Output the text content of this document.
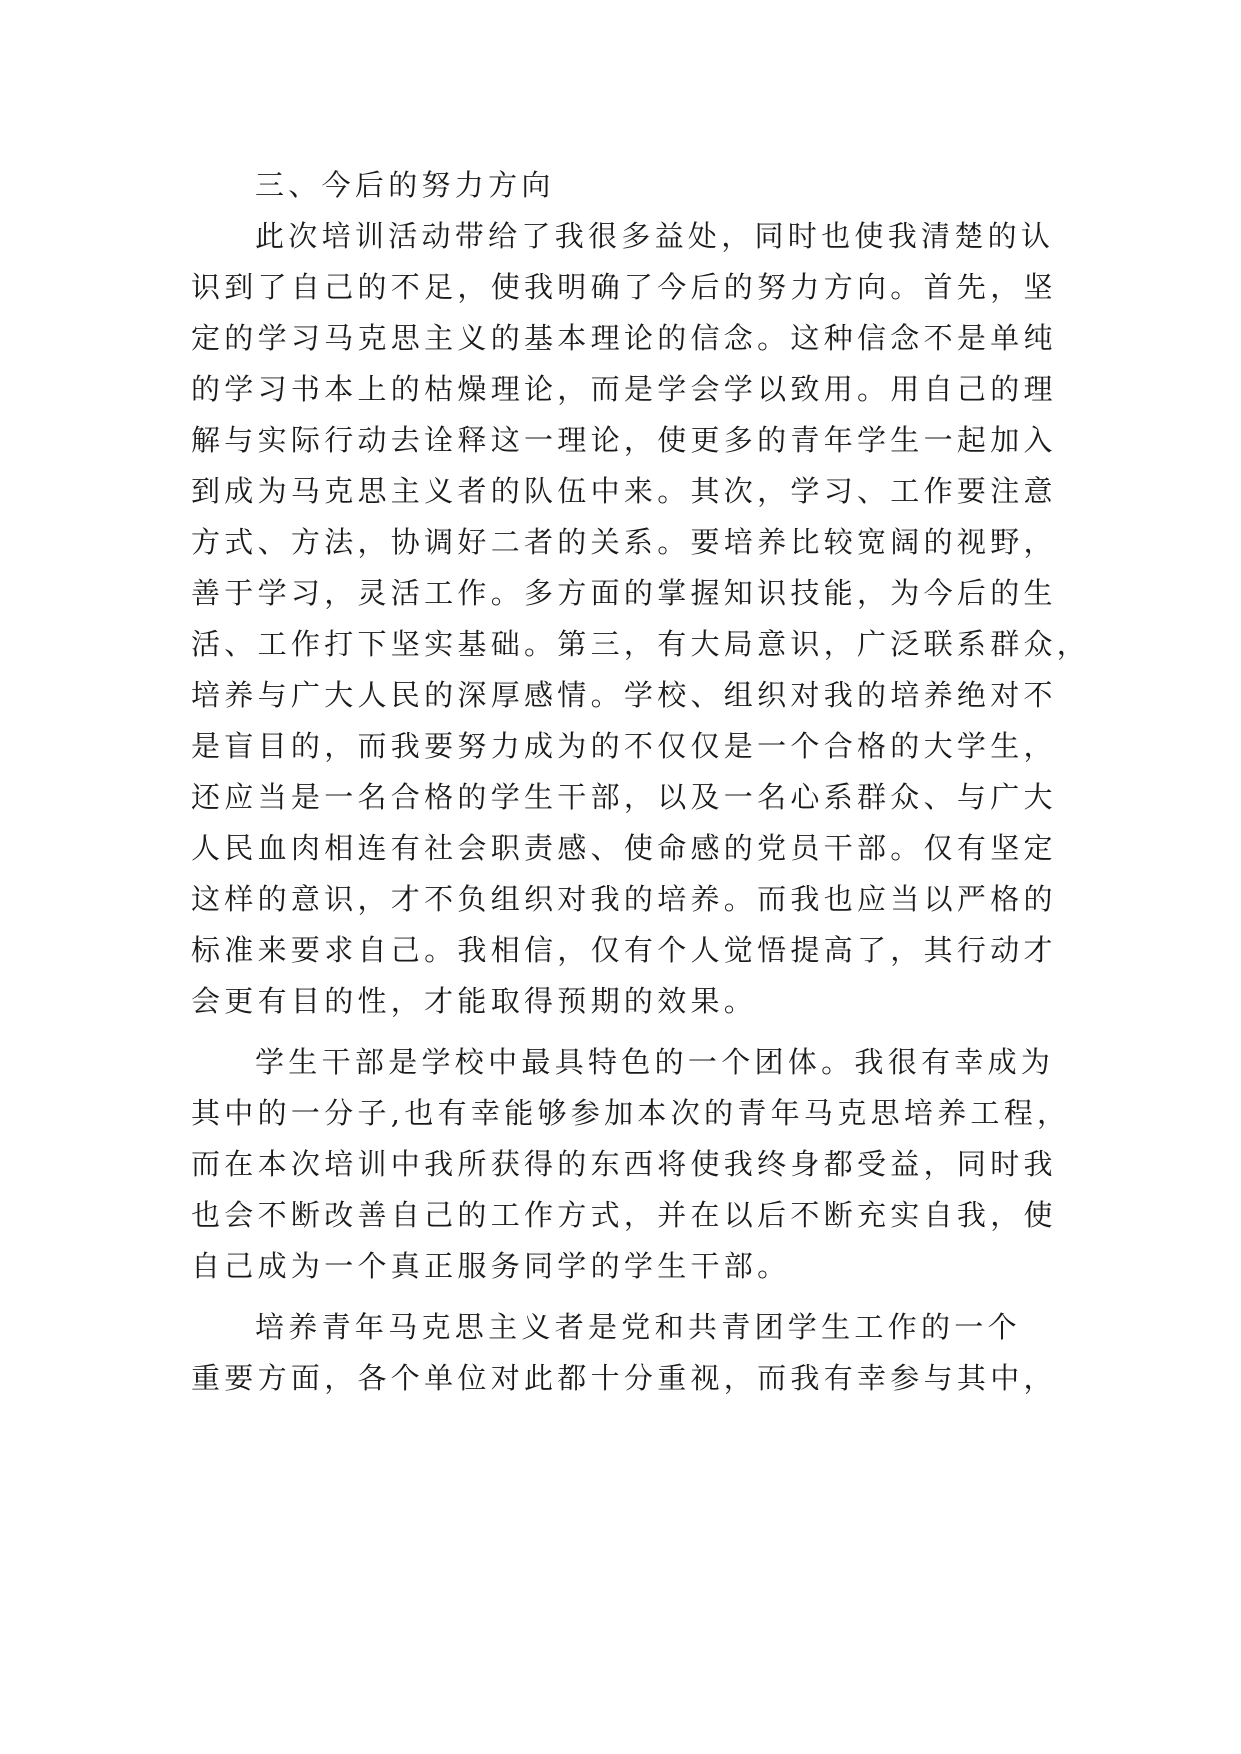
三、今后的努力方向
此次培训活动带给了我很多益处，同时也使我清楚的认
识到了自己的不足，使我明确了今后的努力方向。首先，坚
定的学习马克思主义的基本理论的信念。这种信念不是单纯
的学习书本上的枯燥理论，而是学会学以致用。用自己的理
解与实际行动去诠释这一理论，使更多的青年学生一起加入
到成为马克思主义者的队伍中来。其次，学习、工作要注意
方式、方法，协调好二者的关系。要培养比较宽阔的视野，
善于学习，灵活工作。多方面的掌握知识技能，为今后的生
活、工作打下坚实基础。第三，有大局意识，广泛联系群众，
培养与广大人民的深厚感情。学校、组织对我的培养绝对不
是盲目的，而我要努力成为的不仅仅是一个合格的大学生，
还应当是一名合格的学生干部，以及一名心系群众、与广大
人民血肉相连有社会职责感、使命感的党员干部。仅有坚定
这样的意识，才不负组织对我的培养。而我也应当以严格的
标准来要求自己。我相信，仅有个人觉悟提高了，其行动才
会更有目的性，才能取得预期的效果。
学生干部是学校中最具特色的一个团体。我很有幸成为
其中的一分子,也有幸能够参加本次的青年马克思培养工程，
而在本次培训中我所获得的东西将使我终身都受益，同时我
也会不断改善自己的工作方式，并在以后不断充实自我，使
自己成为一个真正服务同学的学生干部。
培养青年马克思主义者是党和共青团学生工作的一个
重要方面，各个单位对此都十分重视，而我有幸参与其中，
